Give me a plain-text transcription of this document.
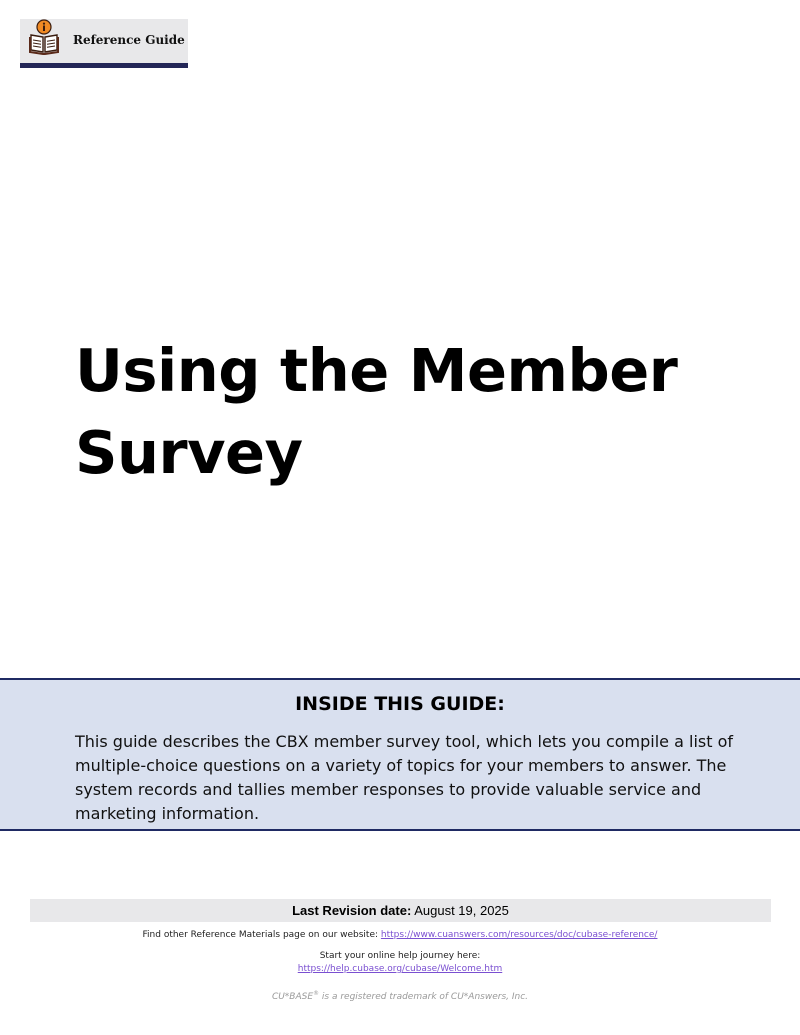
Reference Guide
Using the Member
Survey
INSIDE THIS GUIDE:

This guide describes the CBX member survey tool, which lets you compile a list of multiple-choice questions on a variety of topics for your members to answer. The system records and tallies member responses to provide valuable service and marketing information.

Last Revision date: August 19, 2025
Find other Reference Materials page on our website: https://www.cuanswers.com/resources/doc/cubase-reference/
Start your online help journey here:
https://help.cubase.org/cubase/Welcome.htm
CU*BASE® is a registered trademark of CU*Answers, Inc.
